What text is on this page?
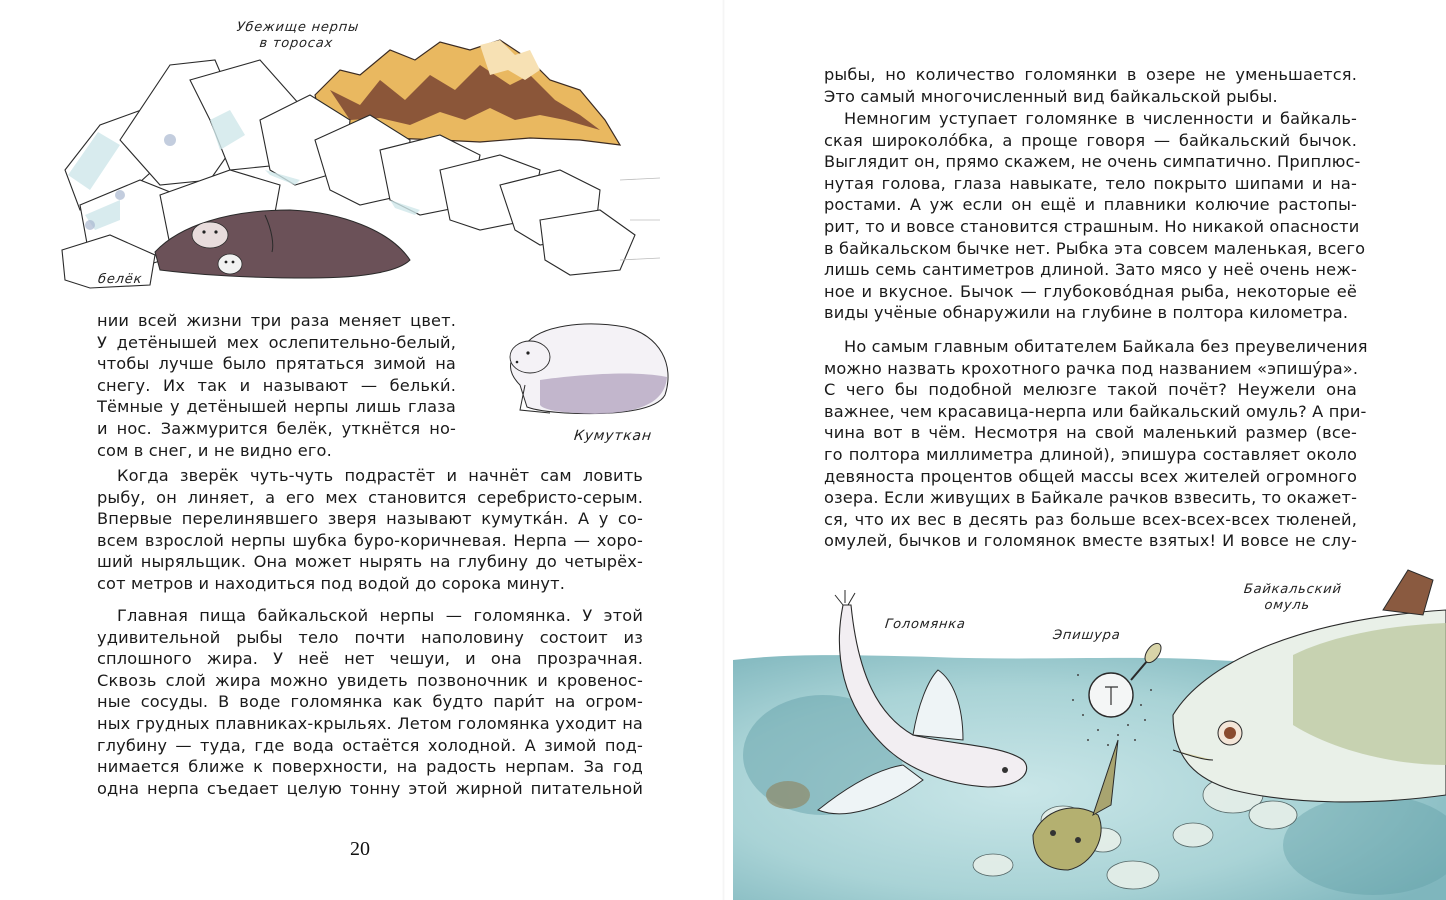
Убежище нерпы
в торосах
белёк
Кумуткан
нии всей жизни три раза меняет цвет.
У детёнышей мех ослепительно-белый,
чтобы лучше было прятаться зимой на
снегу. Их так и называют — бельки́.
Тёмные у детёнышей нерпы лишь глаза
и нос. Зажмурится белёк, уткнётся но-
сом в снег, и не видно его.
Когда зверёк чуть-чуть подрастёт и начнёт сам ловить
рыбу, он линяет, а его мех становится серебристо-серым.
Впервые перелинявшего зверя называют кумутка́н. А у со-
всем взрослой нерпы шубка буро-коричневая. Нерпа — хоро-
ший ныряльщик. Она может нырять на глубину до четырёх-
сот метров и находиться под водой до сорока минут.
Главная пища байкальской нерпы — голомянка. У этой
удивительной рыбы тело почти наполовину состоит из
сплошного жира. У неё нет чешуи, и она прозрачная.
Сквозь слой жира можно увидеть позвоночник и кровенос-
ные сосуды. В воде голомянка как будто пари́т на огром-
ных грудных плавниках-крыльях. Летом голомянка уходит на
глубину — туда, где вода остаётся холодной. А зимой под-
нимается ближе к поверхности, на радость нерпам. За год
одна нерпа съедает целую тонну этой жирной питательной
20
рыбы, но количество голомянки в озере не уменьшается.
Это самый многочисленный вид байкальской рыбы.
Немногим уступает голомянке в численности и байкаль-
ская широколо́бка, а проще говоря — байкальский бычок.
Выглядит он, прямо скажем, не очень симпатично. Приплюс-
нутая голова, глаза навыкате, тело покрыто шипами и на-
ростами. А уж если он ещё и плавники колючие растопы-
рит, то и вовсе становится страшным. Но никакой опасности
в байкальском бычке нет. Рыбка эта совсем маленькая, всего
лишь семь сантиметров длиной. Зато мясо у неё очень неж-
ное и вкусное. Бычок — глубоково́дная рыба, некоторые её
виды учёные обнаружили на глубине в полтора километра.
Но самым главным обитателем Байкала без преувеличения
можно назвать крохотного рачка под названием «эпишу́ра».
С чего бы подобной мелюзге такой почёт? Неужели она
важнее, чем красавица-нерпа или байкальский омуль? А при-
чина вот в чём. Несмотря на свой маленький размер (все-
го полтора миллиметра длиной), эпишура составляет около
девяноста процентов общей массы всех жителей огромного
озера. Если живущих в Байкале рачков взвесить, то окажет-
ся, что их вес в десять раз больше всех-всех-всех тюленей,
омулей, бычков и голомянок вместе взятых! И вовсе не слу-
Голомянка
Эпишура
Байкальский
омуль
